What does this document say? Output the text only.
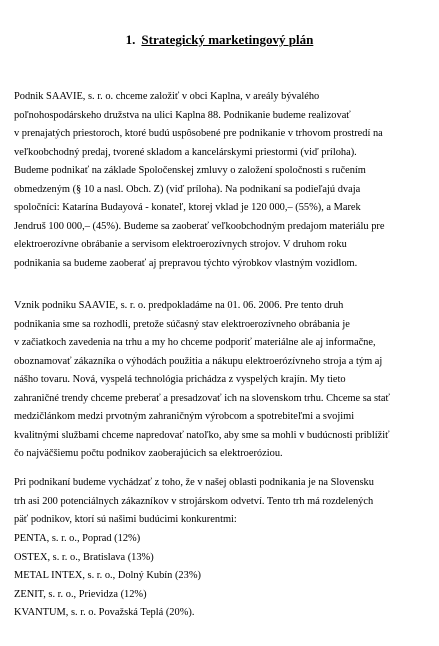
1. Strategický marketingový plán
Podnik SAAVIE, s. r. o. chceme založiť v obci Kaplna, v areály bývalého
poľnohospodárskeho družstva na ulici Kaplna 88. Podnikanie budeme realizovať
v prenajatých priestoroch, ktoré budú uspôsobené pre podnikanie v trhovom prostredí na
veľkoobchodný predaj, tvorené skladom a kancelárskymi priestormi (viď príloha).
Budeme podnikať na základe Spoločenskej zmluvy o založení spoločnosti s ručením
obmedzeným (§ 10 a nasl. Obch. Z) (viď príloha). Na podnikaní sa podieľajú dvaja
spoločníci: Katarína Budayová - konateľ, ktorej vklad je 120 000,– (55%), a Marek
Jendruš 100 000,– (45%). Budeme sa zaoberať veľkoobchodným predajom materiálu pre
elektroerozívne obrábanie a servisom elektroerozívnych strojov. V druhom roku
podnikania sa budeme zaoberať aj prepravou týchto výrobkov vlastným vozidlom.
Vznik podniku SAAVIE, s. r. o. predpokladáme na 01. 06. 2006. Pre tento druh
podnikania sme sa rozhodli, pretože súčasný stav elektroerozívneho obrábania je
v začiatkoch zavedenia na trhu a my ho chceme podporiť materiálne ale aj informačne,
oboznamovať zákazníka o výhodách použitia a nákupu elektroerózívneho stroja a tým aj
nášho tovaru. Nová, vyspelá technológia prichádza z vyspelých krajín. My tieto
zahraničné trendy chceme preberať a presadzovať ich na slovenskom trhu. Chceme sa stať
medzičlánkom medzi prvotným zahraničným výrobcom a spotrebiteľmi a svojimi
kvalitnými službami chceme napredovať natoľko, aby sme sa mohli v budúcnosti priblížiť
čo najväčšiemu počtu podnikov zaoberajúcich sa elektroeróziou.
Pri podnikaní budeme vychádzať z toho, že v našej oblasti podnikania je na Slovensku
trh asi 200 potenciálnych zákazníkov v strojárskom odvetví. Tento trh má rozdelených
päť podnikov, ktorí sú našimi budúcimi konkurentmi:
PENTA, s. r. o., Poprad (12%)
OSTEX, s. r. o., Bratislava (13%)
METAL INTEX, s. r. o., Dolný Kubín (23%)
ZENIT, s. r. o., Prievidza (12%)
KVANTUM, s. r. o. Považská Teplá (20%).
